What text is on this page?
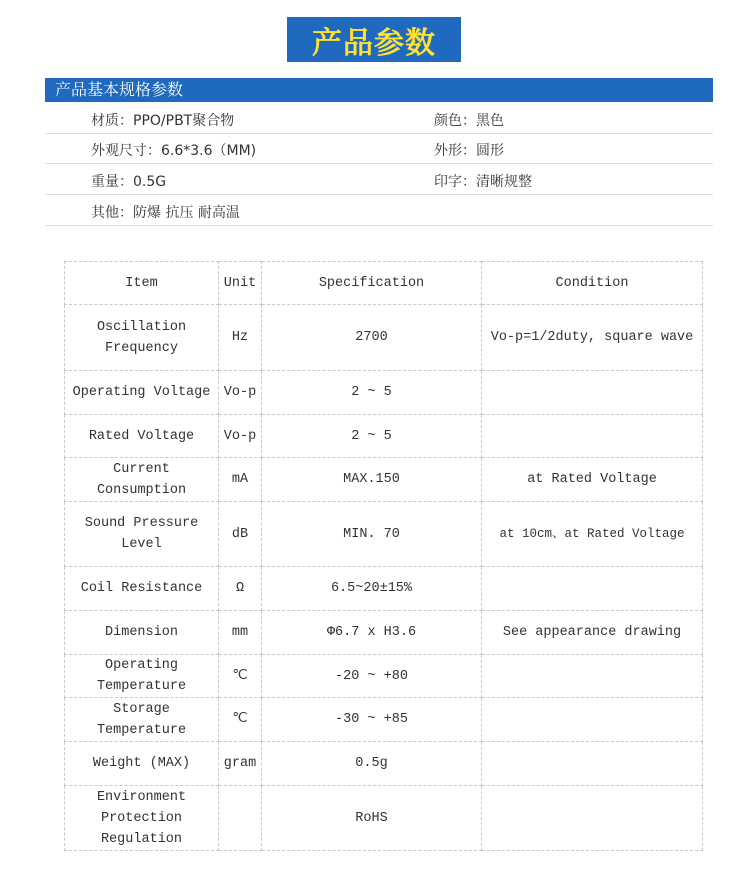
产品参数
产品基本规格参数
材质：PPO/PBT聚合物	颜色：黑色
外观尺寸：6.6*3.6（MM)	外形：圆形
重量：0.5G	印字：清晰规整
其他：防爆 抗压 耐高温
Item	Unit	Specification	Condition
Oscillation Frequency	Hz	2700	Vo-p=1/2duty, square wave
Operating Voltage	Vo-p	2 ~ 5	
Rated Voltage	Vo-p	2 ~ 5	
Current Consumption	mA	MAX.150	at Rated Voltage
Sound Pressure Level	dB	MIN. 70	at 10cm、at Rated Voltage
Coil Resistance	Ω	6.5~20±15%	
Dimension	mm	Φ6.7 x H3.6	See appearance drawing
Operating Temperature	℃	-20 ~ +80	
Storage Temperature	℃	-30 ~ +85	
Weight (MAX)	gram	0.5g	
Environment Protection Regulation		RoHS	
